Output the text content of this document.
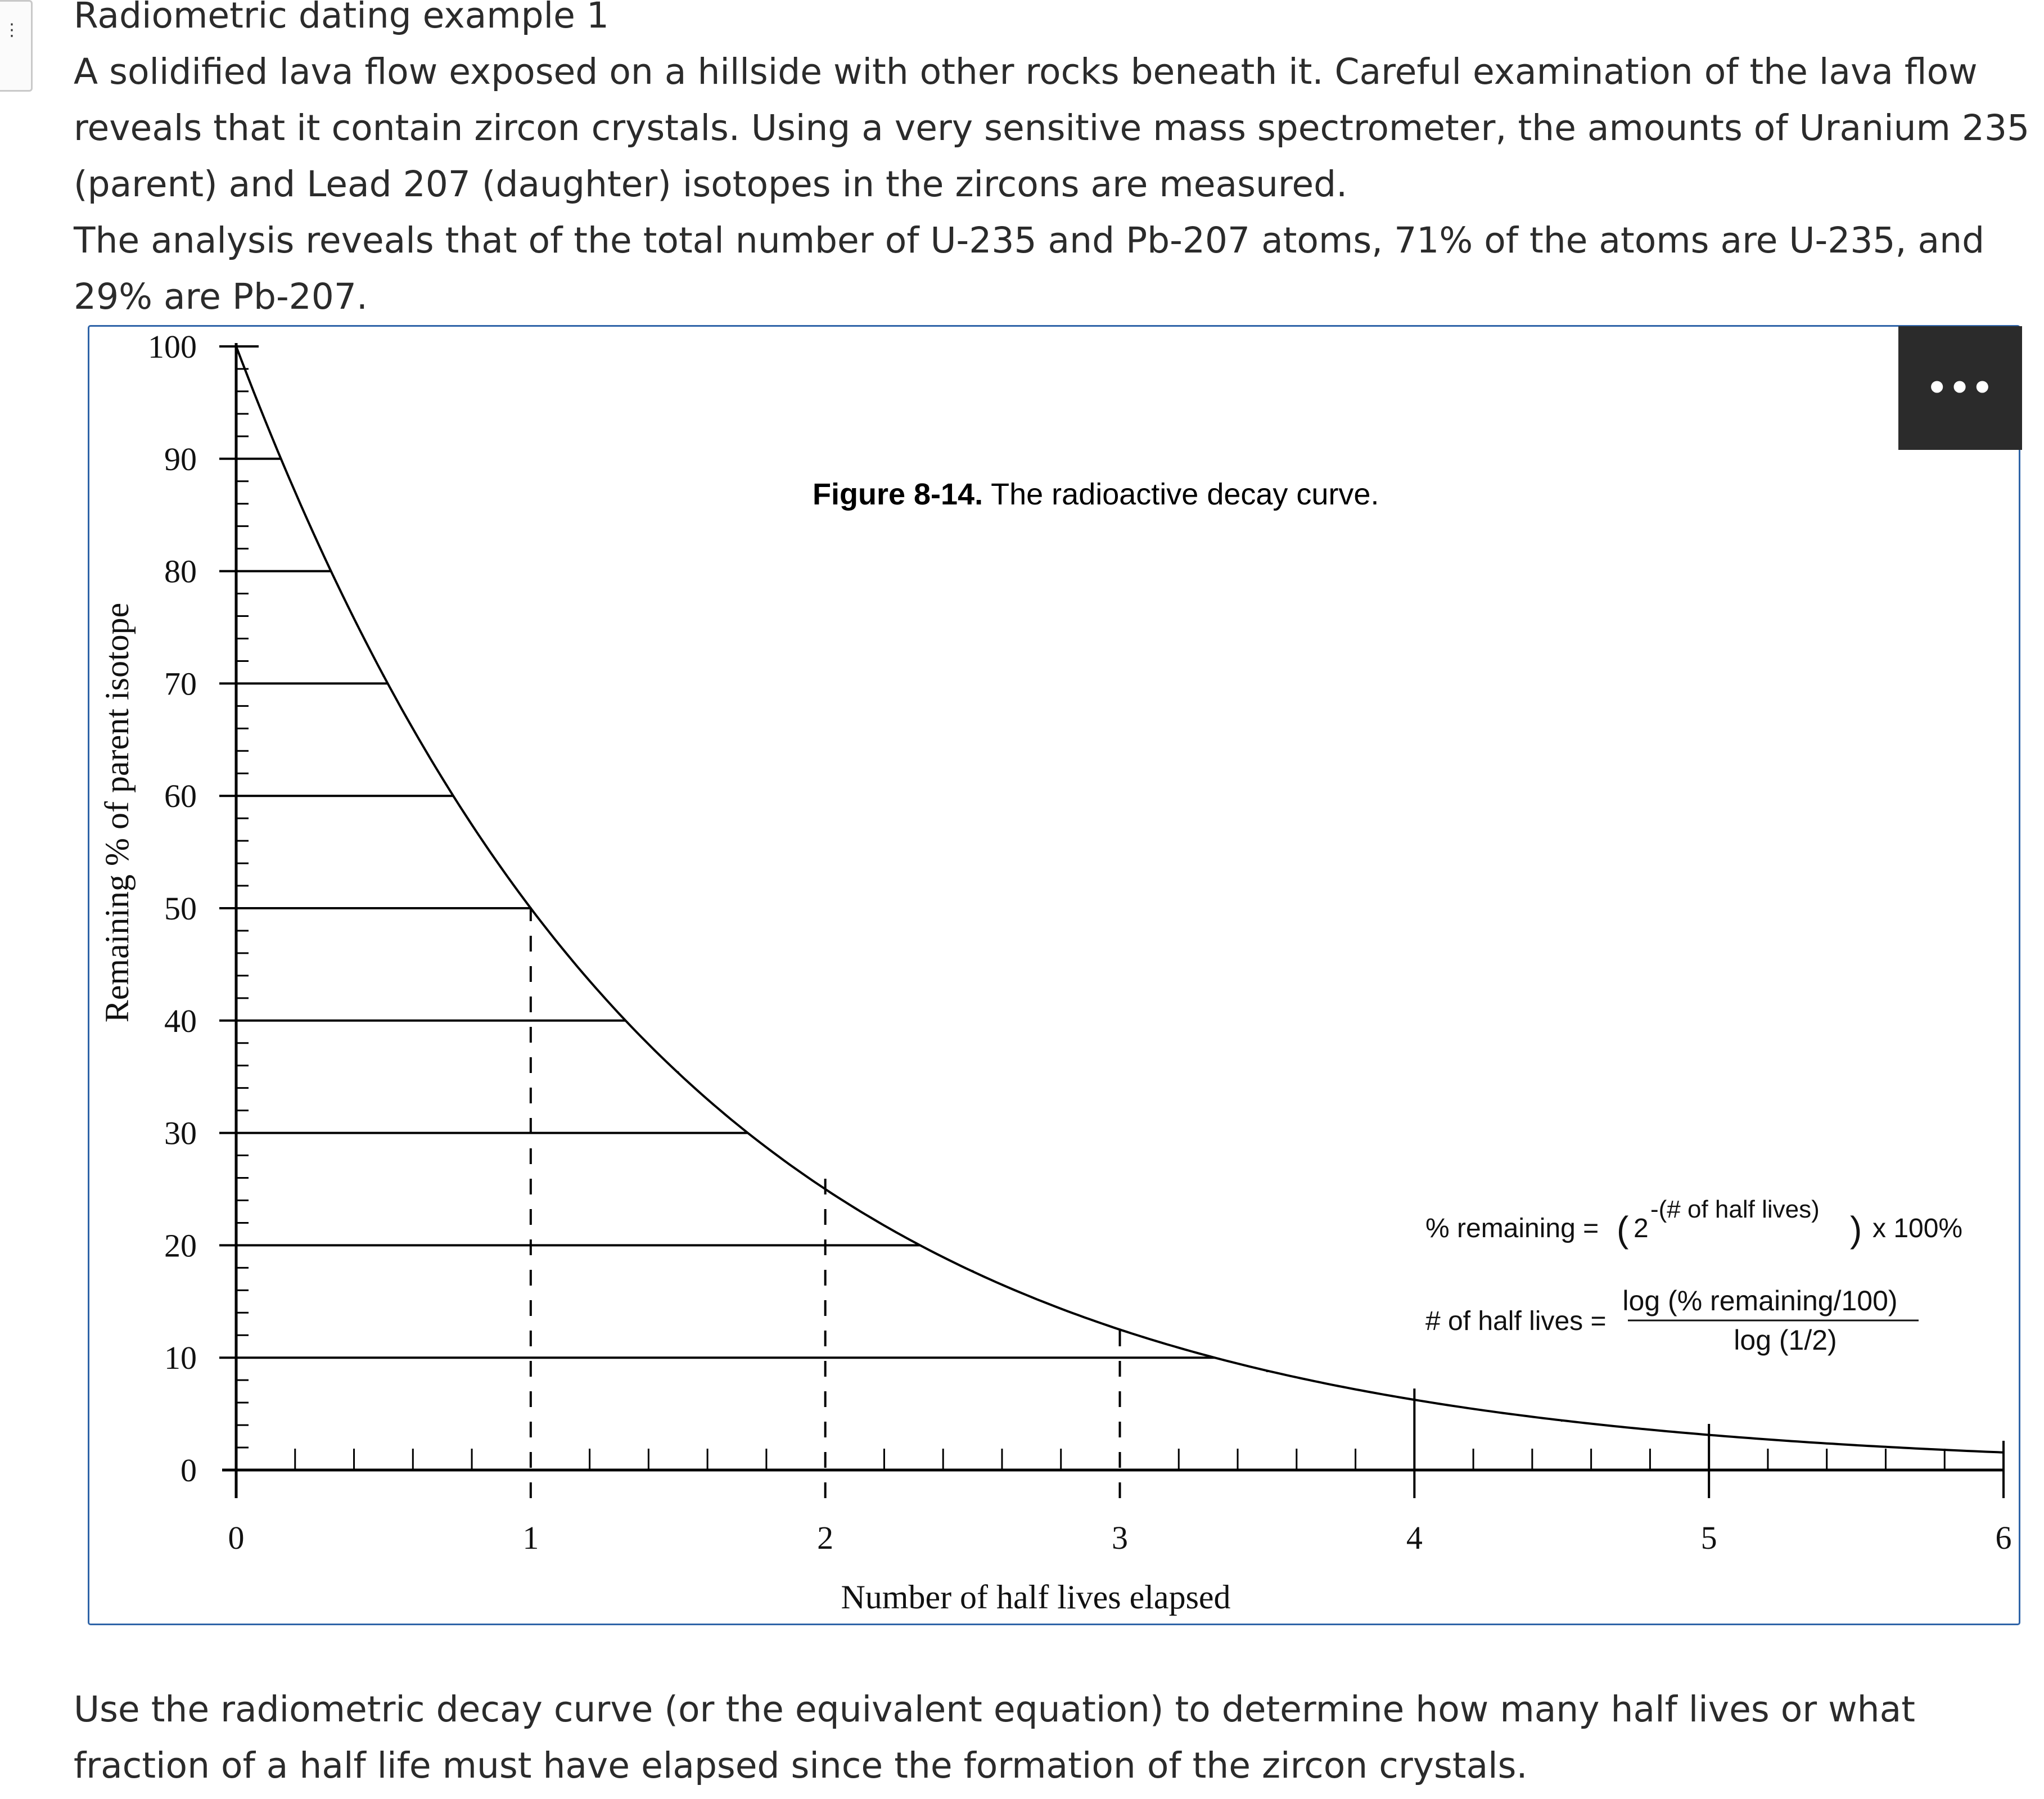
⋮ Radiometric dating example 1
A solidified lava flow exposed on a hillside with other rocks beneath it. Careful examination of the lava flow reveals that it contain zircon crystals. Using a very sensitive mass spectrometer, the amounts of Uranium 235 (parent) and Lead 207 (daughter) isotopes in the zircons are measured.
The analysis reveals that of the total number of U-235 and Pb-207 atoms, 71% of the atoms are U-235, and 29% are Pb-207.
0
10
20
30
40
50
60
70
80
90
100
0	1	2	3	4	5	6
Figure 8-14. The radioactive decay curve.
Number of half lives elapsed
Remaining % of parent isotope
% remaining = ( 2
-(# of half lives) ) x 100%
# of half lives =
log (% remaining/100)
log (1/2)
•••
Use the radiometric decay curve (or the equivalent equation) to determine how many half lives or what fraction of a half life must have elapsed since the formation of the zircon crystals.
